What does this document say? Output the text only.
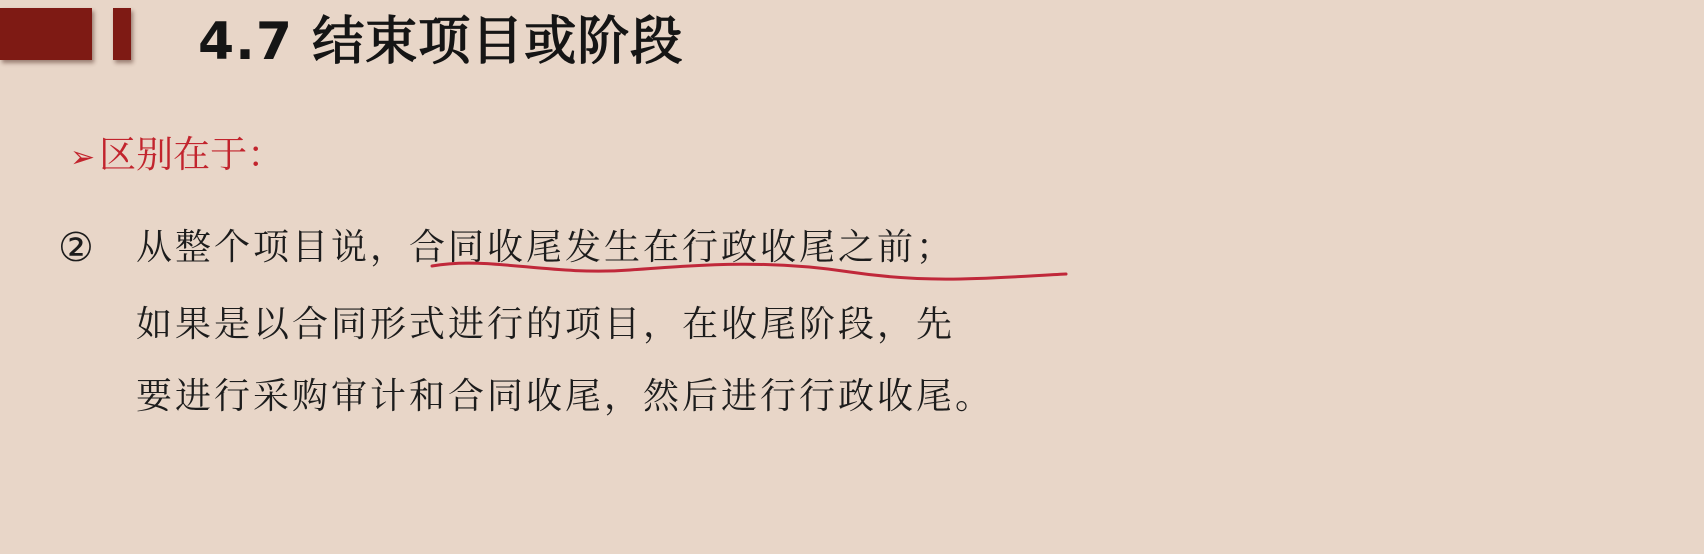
4.7 结束项目或阶段
➢ 区别在于：
② 从整个项目说，合同收尾发生在行政收尾之前；
如果是以合同形式进行的项目，在收尾阶段，先
要进行采购审计和合同收尾，然后进行行政收尾。
